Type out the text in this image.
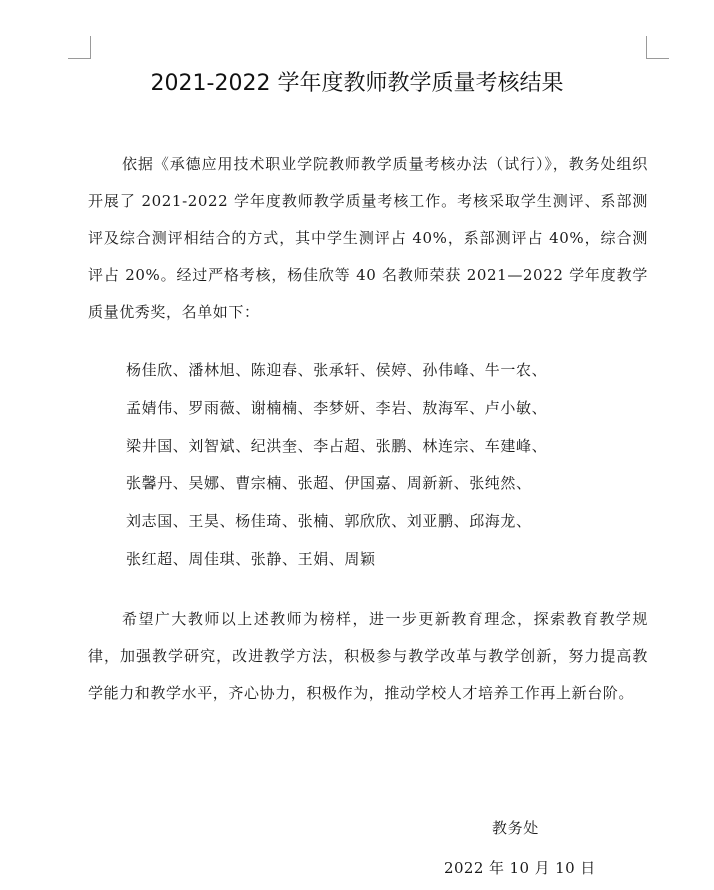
2021-2022 学年度教师教学质量考核结果

依据《承德应用技术职业学院教师教学质量考核办法（试行）》，教务处组织开展了 2021-2022 学年度教师教学质量考核工作。考核采取学生测评、系部测评及综合测评相结合的方式，其中学生测评占 40%，系部测评占 40%，综合测评占 20%。经过严格考核，杨佳欣等 40 名教师荣获 2021—2022 学年度教学质量优秀奖，名单如下：

杨佳欣、潘林旭、陈迎春、张承轩、侯婷、孙伟峰、牛一农、
孟婧伟、罗雨薇、谢楠楠、李梦妍、李岩、敖海军、卢小敏、
梁井国、刘智斌、纪洪奎、李占超、张鹏、林连宗、车建峰、
张馨丹、吴娜、曹宗楠、张超、伊国嘉、周新新、张纯然、
刘志国、王昊、杨佳琦、张楠、郭欣欣、刘亚鹏、邱海龙、
张红超、周佳琪、张静、王娟、周颖

希望广大教师以上述教师为榜样，进一步更新教育理念，探索教育教学规律，加强教学研究，改进教学方法，积极参与教学改革与教学创新，努力提高教学能力和教学水平，齐心协力，积极作为，推动学校人才培养工作再上新台阶。

教务处
2022 年 10 月 10 日
